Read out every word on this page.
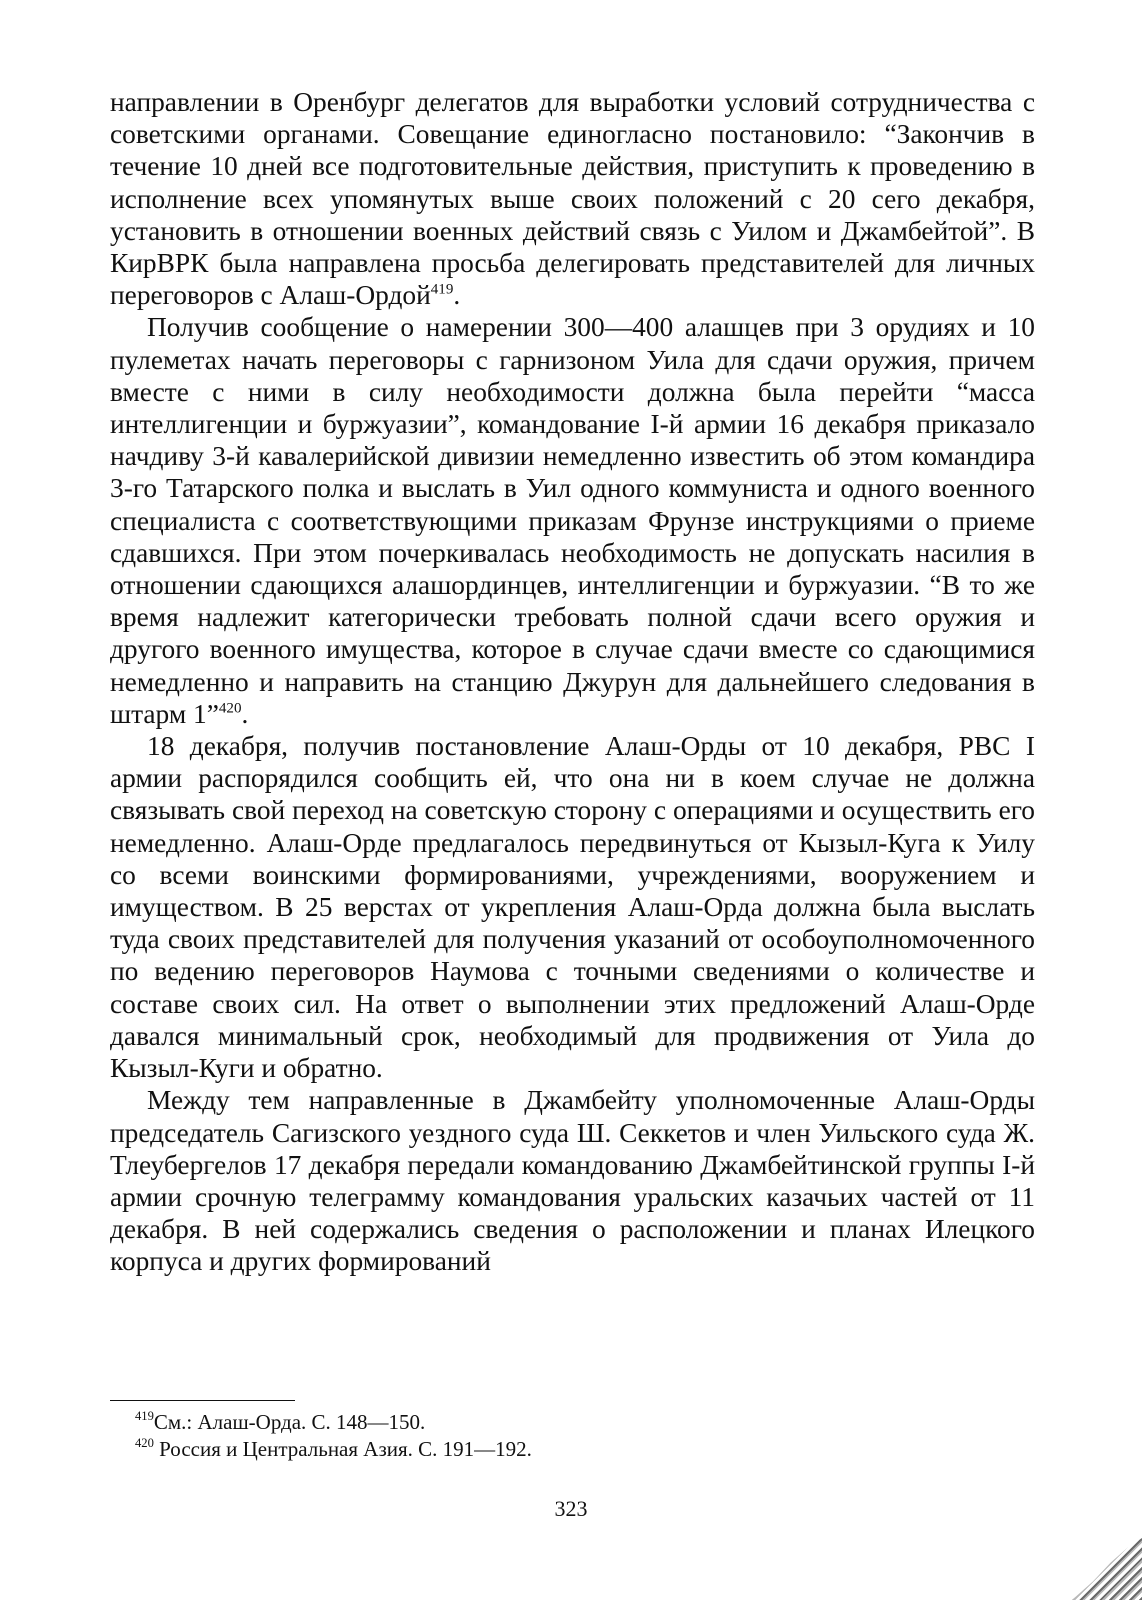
направлении в Оренбург делегатов для выработки условий сотрудничества с советскими органами. Совещание единогласно постановило: “Закончив в течение 10 дней все подготовительные действия, приступить к проведению в исполнение всех упомянутых выше своих положений с 20 сего декабря, установить в отношении военных действий связь с Уилом и Джамбейтой”. В КирВРК была направлена просьба делегировать представителей для личных переговоров с Алаш-Ордой$^{419}$.

Получив сообщение о намерении 300—400 алашцев при 3 орудиях и 10 пулеметах начать переговоры с гарнизоном Уила для сдачи оружия, причем вместе с ними в силу необходимости должна была перейти “масса интеллигенции и буржуазии”, командование I-й армии 16 декабря приказало начдиву 3-й кавалерийской дивизии немедленно известить об этом командира 3-го Татарского полка и выслать в Уил одного коммуниста и одного военного специалиста с соответствующими приказам Фрунзе инструкциями о приеме сдавшихся. При этом почеркивалась необходимость не допускать насилия в отношении сдающихся алашординцев, интеллигенции и буржуазии. “В то же время надлежит категорически требовать полной сдачи всего оружия и другого военного имущества, которое в случае сдачи вместе со сдающимися немедленно и направить на станцию Джурун для дальнейшего следования в штарм 1”$^{420}$.

18 декабря, получив постановление Алаш-Орды от 10 декабря, РВС I армии распорядился сообщить ей, что она ни в коем случае не должна связывать свой переход на советскую сторону с операциями и осуществить его немедленно. Алаш-Орде предлагалось передвинуться от Кызыл-Куга к Уилу со всеми воинскими формированиями, учреждениями, вооружением и имуществом. В 25 верстах от укрепления Алаш-Орда должна была выслать туда своих представителей для получения указаний от особоуполномоченного по ведению переговоров Наумова с точными сведениями о количестве и составе своих сил. На ответ о выполнении этих предложений Алаш-Орде давался минимальный срок, необходимый для продвижения от Уила до Кызыл-Куги и обратно.

Между тем направленные в Джамбейту уполномоченные Алаш-Орды председатель Сагизского уездного суда Ш. Секкетов и член Уильского суда Ж. Тлеубергелов 17 декабря передали командованию Джамбейтинской группы I-й армии срочную телеграмму командования уральских казачьих частей от 11 декабря. В ней содержались сведения о расположении и планах Илецкого корпуса и других формирований

$^{419}$См.: Алаш-Орда. С. 148—150.

$^{420}$ Россия и Центральная Азия. С. 191—192.

323
